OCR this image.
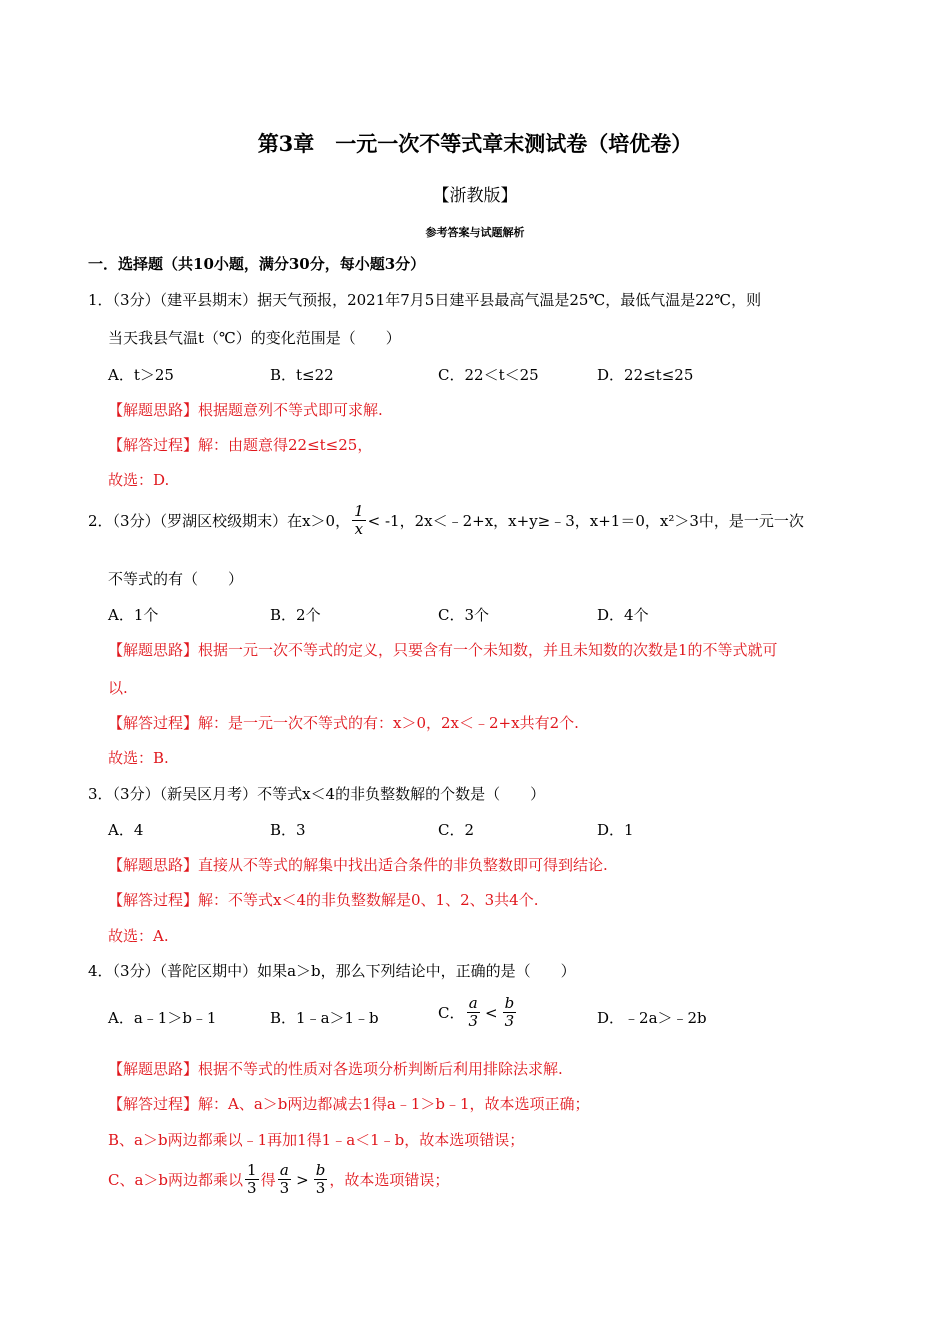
第3章　一元一次不等式章末测试卷（培优卷）
【浙教版】
参考答案与试题解析
一．选择题（共10小题，满分30分，每小题3分）
1．（3分）（建平县期末）据天气预报，2021年7月5日建平县最高气温是25℃，最低气温是22℃，则
当天我县气温t（℃）的变化范围是（　　）
A．t＞25	B．t≤22	C．22＜t＜25	D．22≤t≤25
【解题思路】根据题意列不等式即可求解.
【解答过程】解：由题意得22≤t≤25，
故选：D.
2．（3分）（罗湖区校级期末）在x＞0， $\frac{1}{x} < -1$，2x＜﹣2+x，x+y≥﹣3，x+1＝0，x²＞3中，是一元一次
不等式的有（　　）
A．1个	B．2个	C．3个	D．4个
【解题思路】根据一元一次不等式的定义，只要含有一个未知数，并且未知数的次数是1的不等式就可
以.
【解答过程】解：是一元一次不等式的有：x＞0，2x＜﹣2+x共有2个.
故选：B.
3．（3分）（新吴区月考）不等式x＜4的非负整数解的个数是（　　）
A．4	B．3	C．2	D．1
【解题思路】直接从不等式的解集中找出适合条件的非负整数即可得到结论.
【解答过程】解：不等式x＜4的非负整数解是0、1、2、3共4个.
故选：A.
4．（3分）（普陀区期中）如果a＞b，那么下列结论中，正确的是（　　）
A．a﹣1＞b﹣1	B．1﹣a＞1﹣b	C． $\frac{a}{3} < \frac{b}{3}$	D．﹣2a＞﹣2b
【解题思路】根据不等式的性质对各选项分析判断后利用排除法求解.
【解答过程】解：A、a＞b两边都减去1得a﹣1＞b﹣1，故本选项正确；
B、a＞b两边都乘以﹣1再加1得1﹣a＜1﹣b，故本选项错误；
C、a＞b两边都乘以 $\frac{1}{3}$ 得 $\frac{a}{3} > \frac{b}{3}$ ，故本选项错误；
